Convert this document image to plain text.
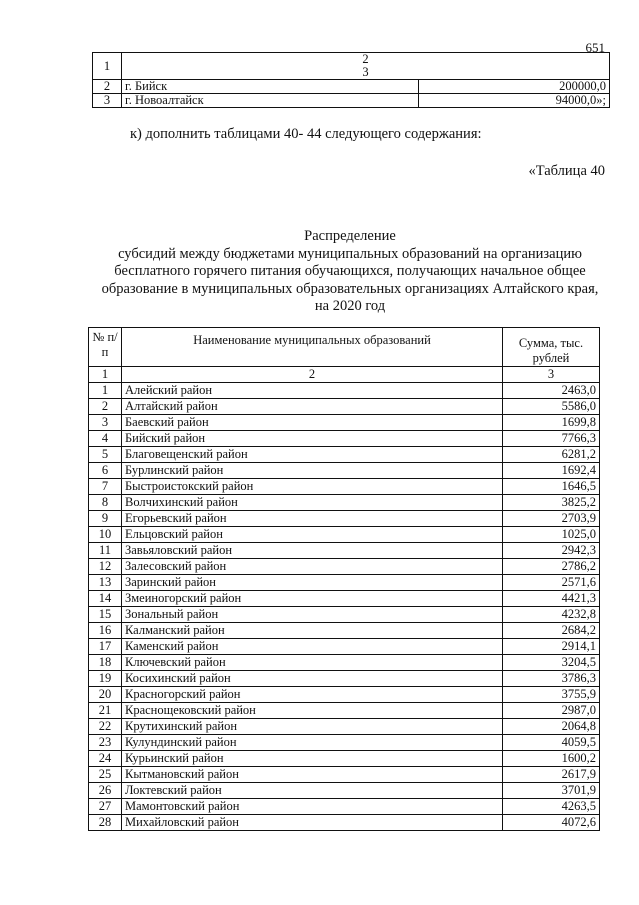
651
1	2 3	
2	г. Бийск	200000,0
3	г. Новоалтайск	94000,0»;
к) дополнить таблицами 40- 44 следующего содержания:
«Таблица 40
Распределение
субсидий между бюджетами муниципальных образований на организацию
бесплатного горячего питания обучающихся, получающих начальное общее
образование в муниципальных образовательных организациях Алтайского края,
на 2020 год
№ п/п	Наименование муниципальных образований	Сумма, тыс. рублей
1	2	3
1	Алейский район	2463,0
2	Алтайский район	5586,0
3	Баевский район	1699,8
4	Бийский район	7766,3
5	Благовещенский район	6281,2
6	Бурлинский район	1692,4
7	Быстроистокский район	1646,5
8	Волчихинский район	3825,2
9	Егорьевский район	2703,9
10	Ельцовский район	1025,0
11	Завьяловский район	2942,3
12	Залесовский район	2786,2
13	Заринский район	2571,6
14	Змеиногорский район	4421,3
15	Зональный район	4232,8
16	Калманский район	2684,2
17	Каменский район	2914,1
18	Ключевский район	3204,5
19	Косихинский район	3786,3
20	Красногорский район	3755,9
21	Краснощековский район	2987,0
22	Крутихинский район	2064,8
23	Кулундинский район	4059,5
24	Курьинский район	1600,2
25	Кытмановский район	2617,9
26	Локтевский район	3701,9
27	Мамонтовский район	4263,5
28	Михайловский район	4072,6
